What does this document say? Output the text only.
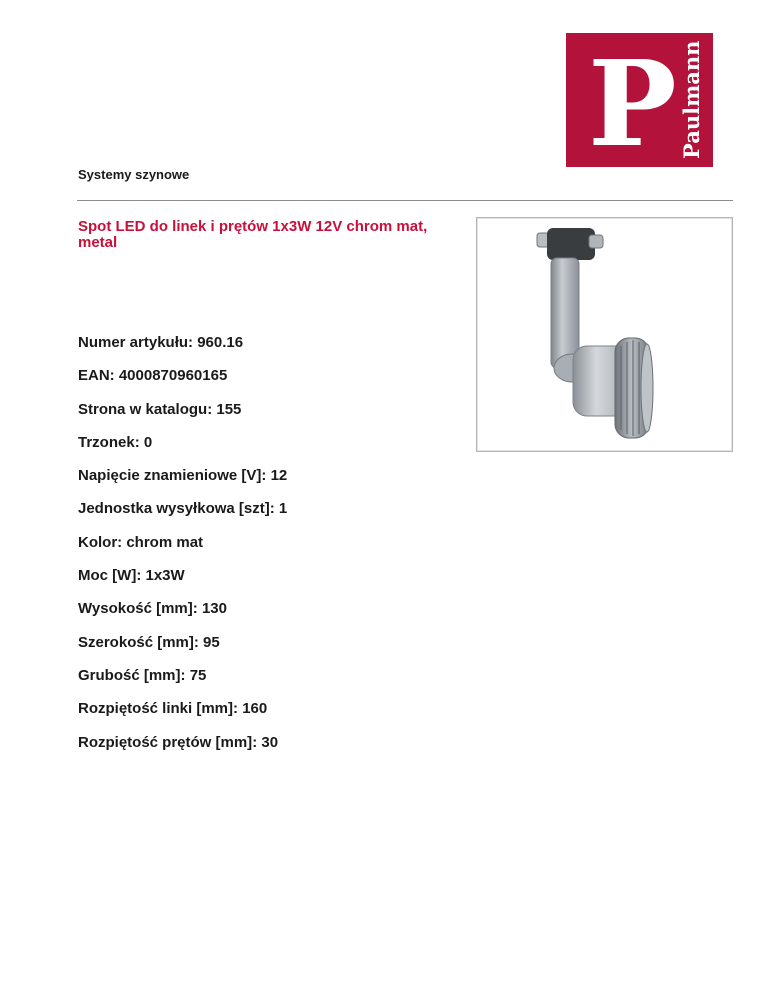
P Paulmann
Systemy szynowe
Spot LED do linek i prętów 1x3W 12V chrom mat, metal
Numer artykułu: 960.16
EAN: 4000870960165
Strona w katalogu: 155
Trzonek: 0
Napięcie znamieniowe [V]: 12
Jednostka wysyłkowa [szt]: 1
Kolor: chrom mat
Moc [W]: 1x3W
Wysokość [mm]: 130
Szerokość [mm]: 95
Grubość [mm]: 75
Rozpiętość linki [mm]: 160
Rozpiętość prętów [mm]: 30
